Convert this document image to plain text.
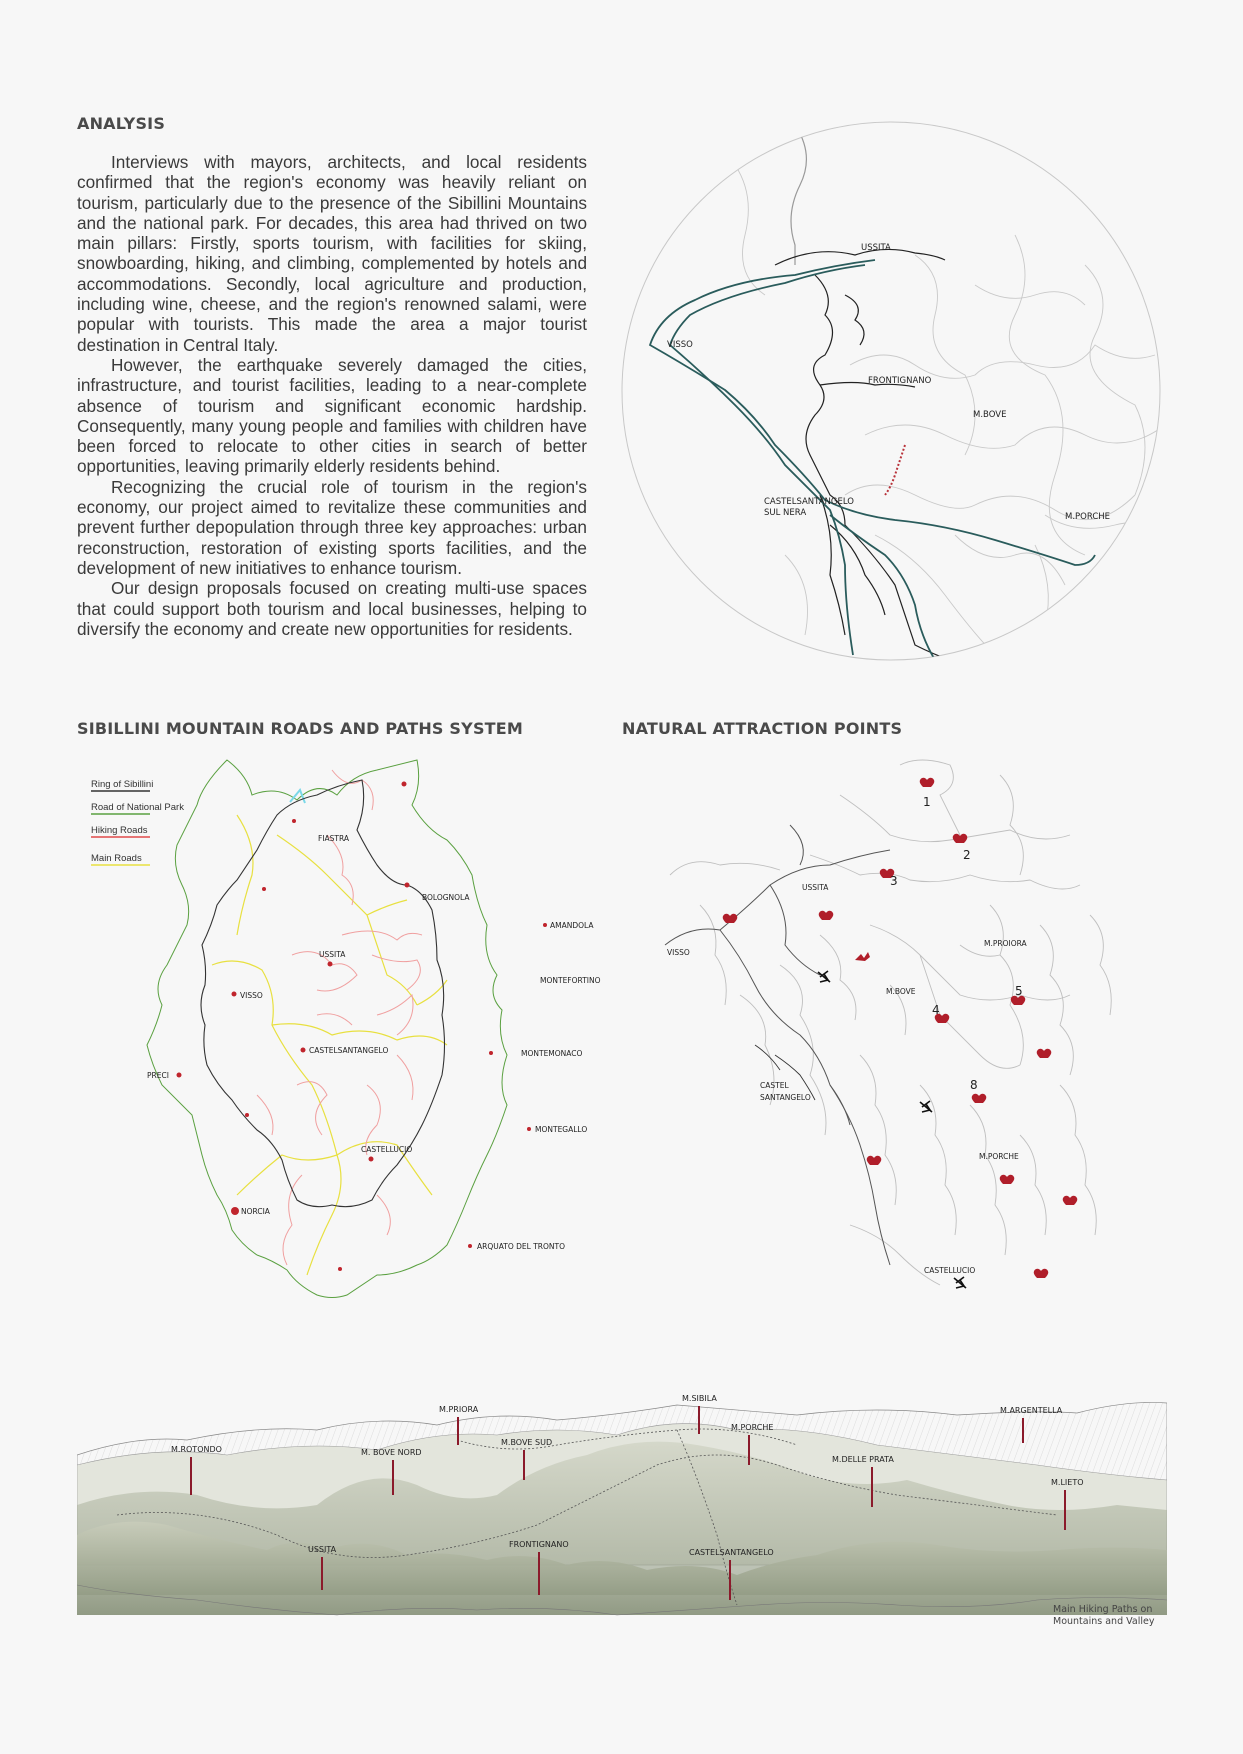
ANALYSIS

Interviews with mayors, architects, and local residents confirmed that the region's economy was heavily reliant on tourism, particularly due to the presence of the Sibillini Mountains and the national park. For decades, this area had thrived on two main pillars: Firstly, sports tourism, with facilities for skiing, snowboarding, hiking, and climbing, complemented by hotels and accommodations. Secondly, local agriculture and production, including wine, cheese, and the region's renowned salami, were popular with tourists. This made the area a major tourist destination in Central Italy.

However, the earthquake severely damaged the cities, infrastructure, and tourist facilities, leading to a near-complete absence of tourism and significant economic hardship. Consequently, many young people and families with children have been forced to relocate to other cities in search of better opportunities, leaving primarily elderly residents behind.

Recognizing the crucial role of tourism in the region's economy, our project aimed to revitalize these communities and prevent further depopulation through three key approaches: urban reconstruction, restoration of existing sports facilities, and the development of new initiatives to enhance tourism.

Our design proposals focused on creating multi-use spaces that could support both tourism and local businesses, helping to diversify the economy and create new opportunities for residents.

USSITA
VISSO
FRONTIGNANO
M.BOVE
CASTELSANTANGELO
SUL NERA	M.PORCHE
SIBILLINI MOUNTAIN ROADS AND PATHS SYSTEM	NATURAL ATTRACTION POINTS
Ring of Sibillini
Road of National Park
Hiking Roads
Main Roads
FIASTRA
BOLOGNOLA
AMANDOLA
USSITA
MONTEFORTINO
VISSO
CASTELSANTANGELO	MONTEMONACO
PRECI
MONTEGALLO
CASTELLUCIO
NORCIA
ARQUATO DEL TRONTO
1
2
3
4
5
8
USSITA
VISSO
M.PROIORA
M.BOVE
CASTEL
SANTANGELO
M.PORCHE
CASTELLUCIO
M.PRIORA
M.SIBILA
M.ARGENTELLA
M.ROTONDO
M.BOVE SUD
M.PORCHE
M. BOVE NORD
M.DELLE PRATA
M.LIETO
USSITA
FRONTIGNANO
CASTELSANTANGELO
Main Hiking Paths on
Mountains and Valley
